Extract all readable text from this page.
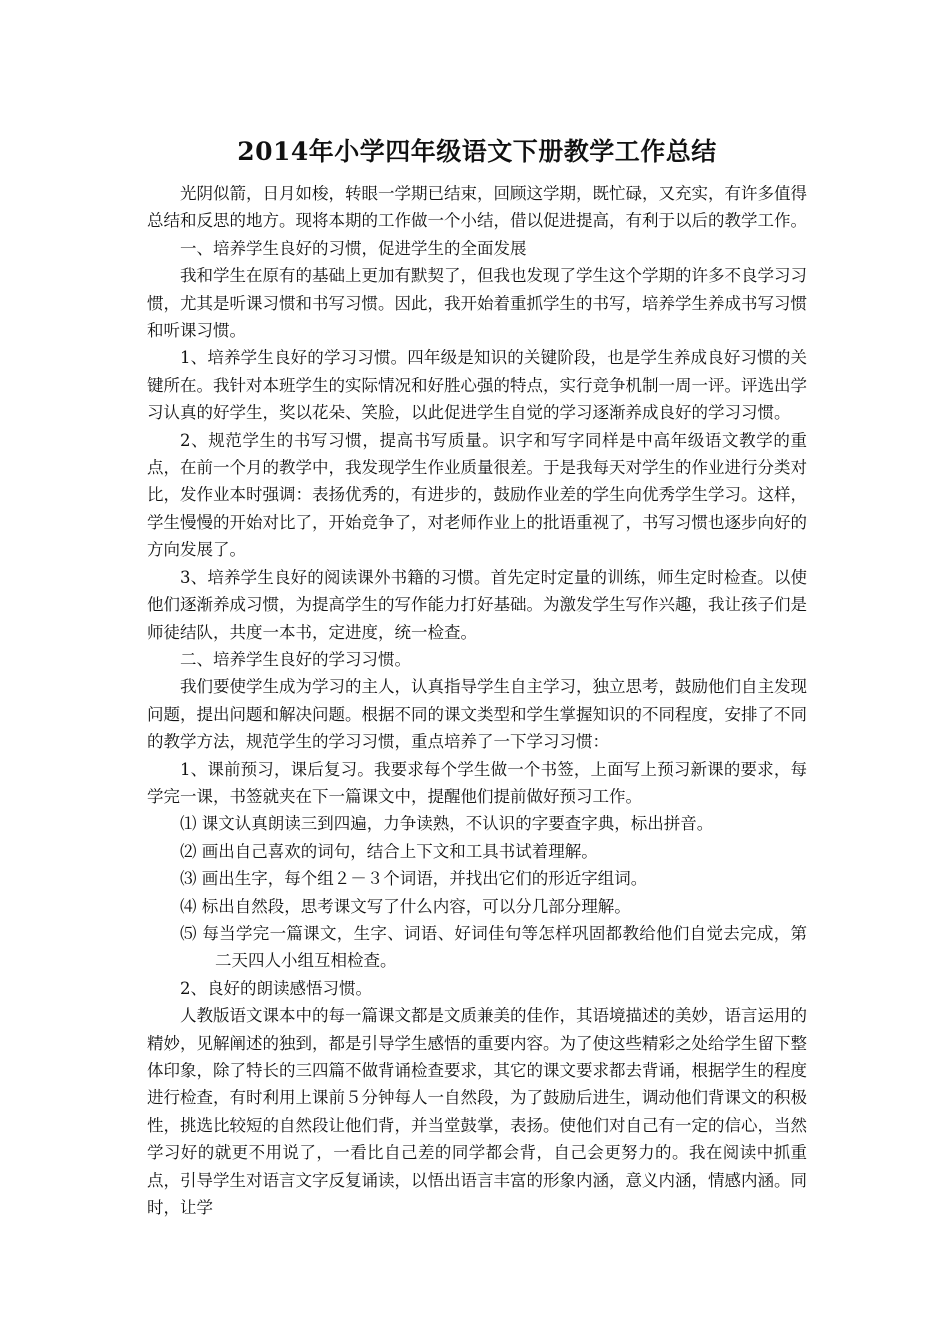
2014年小学四年级语文下册教学工作总结

光阴似箭，日月如梭，转眼一学期已结束，回顾这学期，既忙碌，又充实，有许多值得总结和反思的地方。现将本期的工作做一个小结，借以促进提高，有利于以后的教学工作。

一、培养学生良好的习惯，促进学生的全面发展

我和学生在原有的基础上更加有默契了，但我也发现了学生这个学期的许多不良学习习惯，尤其是听课习惯和书写习惯。因此，我开始着重抓学生的书写，培养学生养成书写习惯和听课习惯。

1、培养学生良好的学习习惯。四年级是知识的关键阶段，也是学生养成良好习惯的关键所在。我针对本班学生的实际情况和好胜心强的特点，实行竞争机制一周一评。评选出学习认真的好学生，奖以花朵、笑脸，以此促进学生自觉的学习逐渐养成良好的学习习惯。

2、规范学生的书写习惯，提高书写质量。识字和写字同样是中高年级语文教学的重点，在前一个月的教学中，我发现学生作业质量很差。于是我每天对学生的作业进行分类对比，发作业本时强调：表扬优秀的，有进步的，鼓励作业差的学生向优秀学生学习。这样，学生慢慢的开始对比了，开始竞争了，对老师作业上的批语重视了，书写习惯也逐步向好的方向发展了。

3、培养学生良好的阅读课外书籍的习惯。首先定时定量的训练，师生定时检查。以使他们逐渐养成习惯，为提高学生的写作能力打好基础。为激发学生写作兴趣，我让孩子们是师徒结队，共度一本书，定进度，统一检查。

二、培养学生良好的学习习惯。

我们要使学生成为学习的主人，认真指导学生自主学习，独立思考，鼓励他们自主发现问题，提出问题和解决问题。根据不同的课文类型和学生掌握知识的不同程度，安排了不同的教学方法，规范学生的学习习惯，重点培养了一下学习习惯：

1、课前预习，课后复习。我要求每个学生做一个书签，上面写上预习新课的要求，每学完一课，书签就夹在下一篇课文中，提醒他们提前做好预习工作。

⑴ 课文认真朗读三到四遍，力争读熟，不认识的字要查字典，标出拼音。

⑵ 画出自己喜欢的词句，结合上下文和工具书试着理解。

⑶ 画出生字，每个组２－３个词语，并找出它们的形近字组词。

⑷ 标出自然段，思考课文写了什么内容，可以分几部分理解。

⑸ 每当学完一篇课文，生字、词语、好词佳句等怎样巩固都教给他们自觉去完成，第二天四人小组互相检查。

2、良好的朗读感悟习惯。

人教版语文课本中的每一篇课文都是文质兼美的佳作，其语境描述的美妙，语言运用的精妙，见解阐述的独到，都是引导学生感悟的重要内容。为了使这些精彩之处给学生留下整体印象，除了特长的三四篇不做背诵检查要求，其它的课文要求都去背诵，根据学生的程度进行检查，有时利用上课前５分钟每人一自然段，为了鼓励后进生，调动他们背课文的积极性，挑选比较短的自然段让他们背，并当堂鼓掌，表扬。使他们对自己有一定的信心，当然学习好的就更不用说了，一看比自己差的同学都会背，自己会更努力的。我在阅读中抓重点，引导学生对语言文字反复诵读，以悟出语言丰富的形象内涵，意义内涵，情感内涵。同时，让学
